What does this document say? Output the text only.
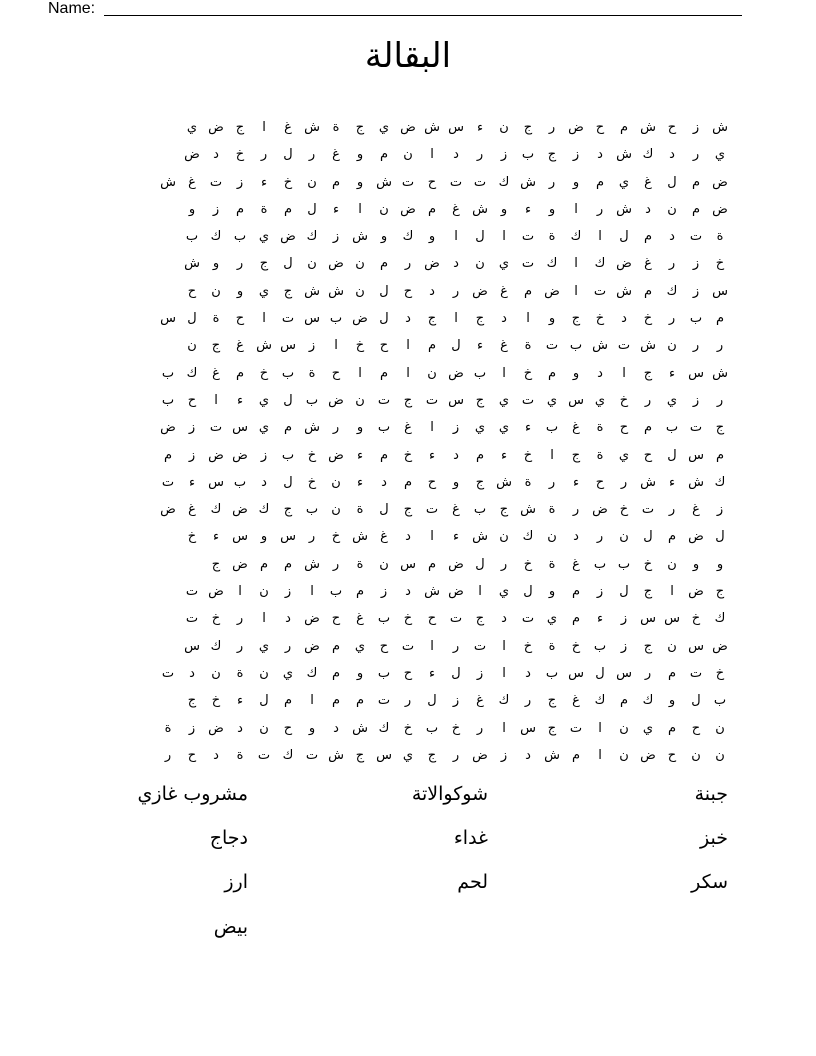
Name:
البقالة
ش
ز
ح
ش
م
ح
ض
ر
ج
ن
ء
س
ش
ض
ي
ج
ة
ش
غ
ا
ج
ض
ي
ي
ر
د
ك
ش
د
ز
ج
ب
ز
ر
د
ا
ن
م
و
غ
ر
ل
ر
خ
د
ض
ض
م
ل
غ
ي
م
و
ر
ش
ك
ت
ت
ح
ت
ش
و
م
ن
خ
ء
ز
ت
غ
ش
ض
م
ن
د
ش
ر
ا
و
ء
و
ش
غ
م
ض
ن
ا
ء
ل
م
ة
م
ز
و
ة
ت
د
م
ل
ا
ك
ة
ت
ا
ل
ا
و
ك
و
ش
ز
ك
ض
ي
ب
ك
ب
خ
ز
ر
غ
ض
ك
ا
ك
ت
ي
ن
د
ض
ر
م
ن
ض
ن
ل
ج
ر
و
ش
س
ز
ك
م
ش
ت
ا
ض
م
غ
ض
ر
د
ح
ل
ن
ش
ش
ج
ي
و
ن
ح
م
ب
ر
خ
د
خ
ج
و
ا
د
ج
ا
ج
د
ل
ض
ب
س
ت
ا
ح
ة
ل
س
ر
ر
ن
ش
ت
ش
ب
ت
ة
غ
ء
ل
م
ا
ح
خ
ا
ز
س
ش
غ
ج
ن
ش
س
ء
ج
ا
د
و
م
خ
ا
ب
ض
ن
ا
م
ا
ح
ة
ب
خ
م
غ
ك
ب
ر
ز
ي
ر
خ
ي
س
ي
ت
ي
ج
س
ت
ج
ت
ن
ض
ب
ل
ي
ء
ا
ح
ب
ج
ت
ب
م
ح
ة
غ
ب
ء
ي
ي
ز
ا
غ
ب
و
ر
ش
م
ي
س
ت
ز
ض
م
س
ل
ح
ي
ة
ج
ا
خ
ء
م
د
ء
خ
م
ء
ض
خ
ب
ز
ض
ض
ز
م
ك
ش
ء
ش
ر
ح
ء
ر
ة
ش
ج
و
ح
م
د
ء
ن
خ
ل
د
ب
س
ء
ت
ز
غ
ر
ت
خ
ض
ر
ة
ش
ج
ب
غ
ت
ج
ل
ة
ن
ب
ج
ك
ض
ك
غ
ض
ل
ض
م
ل
ن
ر
د
ن
ك
ن
ش
ء
ا
د
غ
ش
خ
ر
س
و
س
ء
خ
و
و
ن
خ
ب
ب
غ
ة
خ
ر
ل
ض
م
س
ن
ة
ر
ش
م
م
ض
ج
ج
ض
ا
ج
ل
ز
م
و
ل
ي
ا
ض
ش
د
ز
م
ب
ا
ز
ن
ا
ض
ت
ك
خ
س
س
ز
ء
م
ي
ت
د
ج
ت
ح
خ
ب
غ
ح
ض
د
ا
ر
خ
ت
ض
س
ن
ج
ز
ب
خ
ة
خ
ا
ت
ر
ا
ت
ح
ي
م
ض
ر
ي
ر
ك
س
خ
ت
م
ر
س
ل
س
ب
د
ا
ز
ل
ء
ح
ب
و
م
ك
ي
ن
ة
ن
د
ت
ب
ل
و
ك
م
ك
غ
ج
ر
ك
غ
ز
ل
ر
ت
م
م
ا
م
ل
ء
خ
ج
ن
ح
م
ي
ن
ا
ت
ج
س
ا
ر
خ
ب
خ
ك
ش
د
و
ح
ن
د
ض
ز
ة
ن
ن
ح
ض
ن
ا
م
ش
د
ز
ض
ر
ج
ي
س
ج
ش
ت
ك
ت
ة
د
ح
ر
مشروب غازي
دجاج
ارز
بيض
شوكوالاتة
غداء
لحم
جبنة
خبز
سكر
